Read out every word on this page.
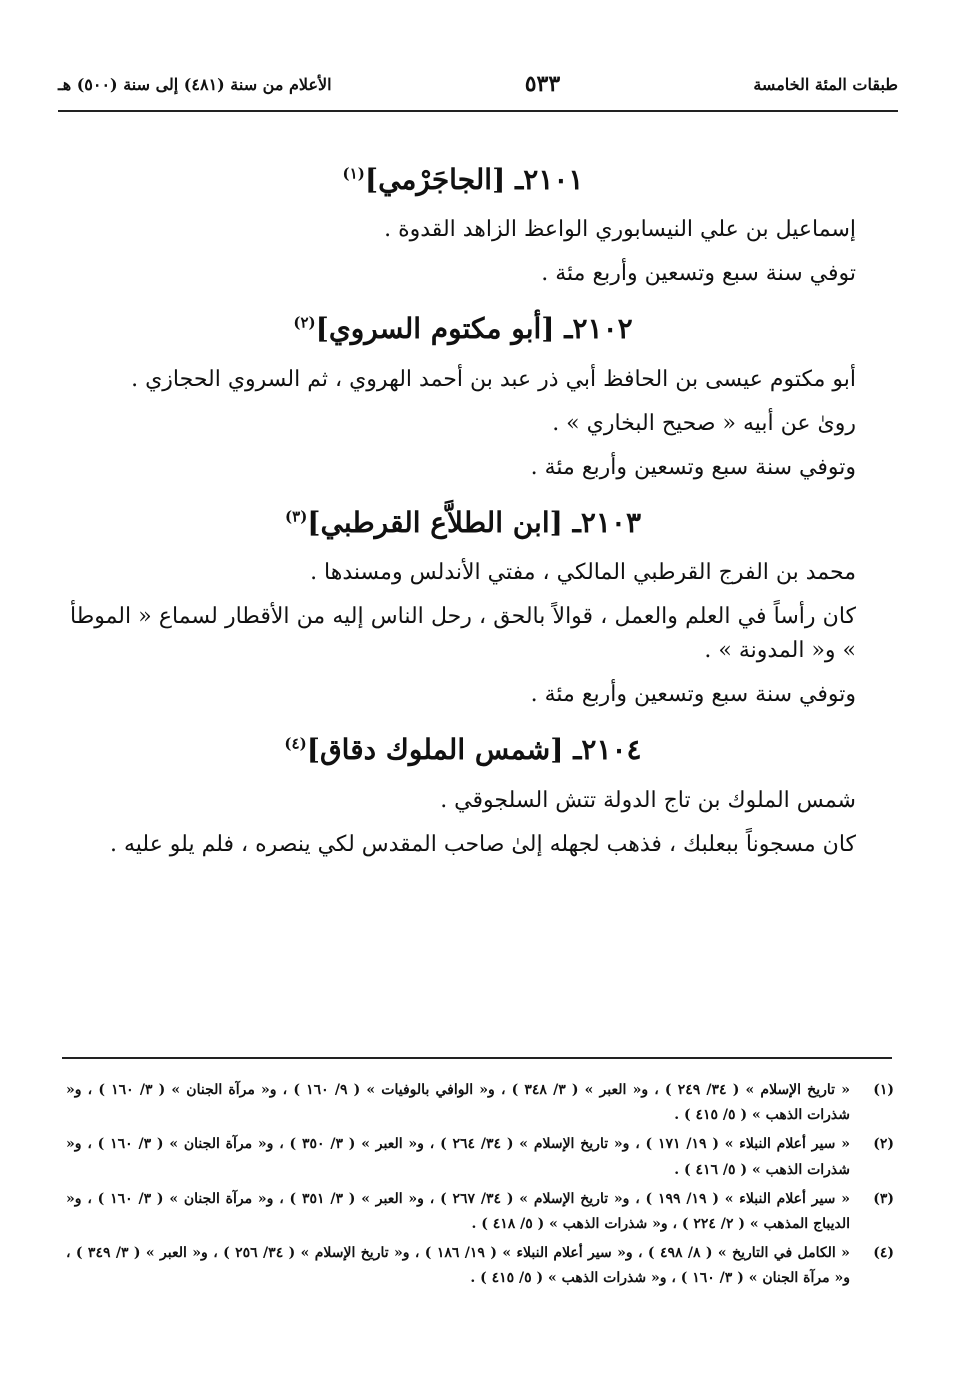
طبقات المئة الخامسة
٥٣٣
الأعلام من سنة (٤٨١) إلى سنة (٥٠٠) هـ
٢١٠١ـ [الجاجَرْمي]$^{(١)}$

إسماعيل بن علي النيسابوري الواعظ الزاهد القدوة .

توفي سنة سبع وتسعين وأربع مئة .

٢١٠٢ـ [أبو مكتوم السروي]$^{(٢)}$

أبو مكتوم عيسى بن الحافظ أبي ذر عبد بن أحمد الهروي ، ثم السروي الحجازي .

روىٰ عن أبيه « صحيح البخاري » .

وتوفي سنة سبع وتسعين وأربع مئة .

٢١٠٣ـ [ابن الطلاَّع القرطبي]$^{(٣)}$

محمد بن الفرج القرطبي المالكي ، مفتي الأندلس ومسندها .

كان رأساً في العلم والعمل ، قوالاً بالحق ، رحل الناس إليه من الأقطار لسماع « الموطأ » و« المدونة » .

وتوفي سنة سبع وتسعين وأربع مئة .

٢١٠٤ـ [شمس الملوك دقاق]$^{(٤)}$

شمس الملوك بن تاج الدولة تتش السلجوقي .

كان مسجوناً ببعلبك ، فذهب لجهله إلىٰ صاحب المقدس لكي ينصره ، فلم يلو عليه .

(١)
« تاريخ الإسلام » ( ٣٤/ ٢٤٩ ) ، و« العبر » ( ٣/ ٣٤٨ ) ، و« الوافي بالوفيات » ( ٩/ ١٦٠ ) ، و« مرآة الجنان » ( ٣/ ١٦٠ ) ، و« شذرات الذهب » ( ٥/ ٤١٥ ) .
(٢)
« سير أعلام النبلاء » ( ١٩/ ١٧١ ) ، و« تاريخ الإسلام » ( ٣٤/ ٢٦٤ ) ، و« العبر » ( ٣/ ٣٥٠ ) ، و« مرآة الجنان » ( ٣/ ١٦٠ ) ، و« شذرات الذهب » ( ٥/ ٤١٦ ) .
(٣)
« سير أعلام النبلاء » ( ١٩/ ١٩٩ ) ، و« تاريخ الإسلام » ( ٣٤/ ٢٦٧ ) ، و« العبر » ( ٣/ ٣٥١ ) ، و« مرآة الجنان » ( ٣/ ١٦٠ ) ، و« الديباج المذهب » ( ٢/ ٢٢٤ ) ، و« شذرات الذهب » ( ٥/ ٤١٨ ) .
(٤)
« الكامل في التاريخ » ( ٨/ ٤٩٨ ) ، و« سير أعلام النبلاء » ( ١٩/ ١٨٦ ) ، و« تاريخ الإسلام » ( ٣٤/ ٢٥٦ ) ، و« العبر » ( ٣/ ٣٤٩ ) ، و« مرآة الجنان » ( ٣/ ١٦٠ ) ، و« شذرات الذهب » ( ٥/ ٤١٥ ) .
